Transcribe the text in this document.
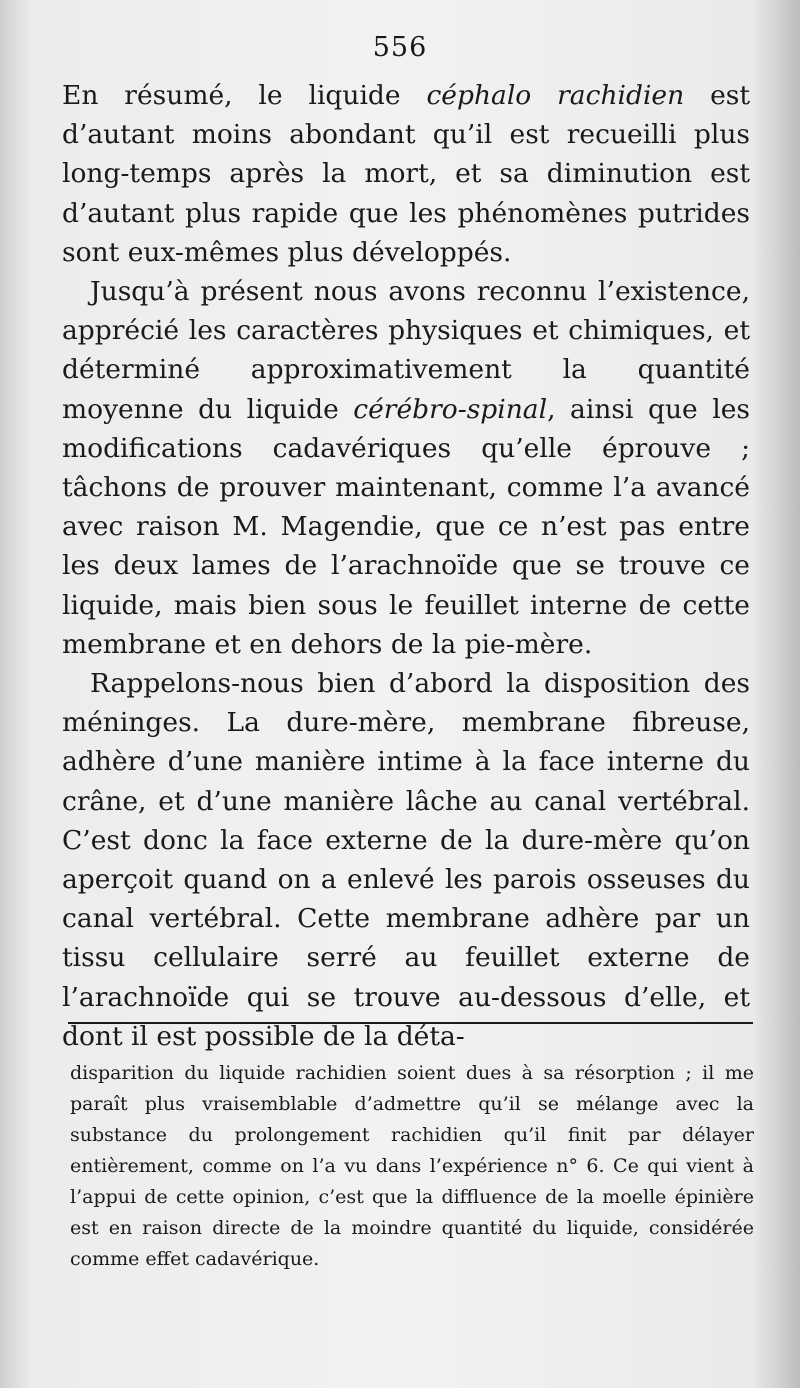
556

En résumé, le liquide céphalo rachidien est d’autant moins abondant qu’il est recueilli plus long-temps après la mort, et sa diminution est d’autant plus rapide que les phénomènes putrides sont eux-mêmes plus développés.

Jusqu’à présent nous avons reconnu l’existence, apprécié les caractères physiques et chimiques, et déterminé approximativement la quantité moyenne du liquide cérébro-spinal, ainsi que les modifications cadavériques qu’elle éprouve ; tâchons de prouver maintenant, comme l’a avancé avec raison M. Magendie, que ce n’est pas entre les deux lames de l’arachnoïde que se trouve ce liquide, mais bien sous le feuillet interne de cette membrane et en dehors de la pie-mère.

Rappelons-nous bien d’abord la disposition des méninges. La dure-mère, membrane fibreuse, adhère d’une manière intime à la face interne du crâne, et d’une manière lâche au canal vertébral. C’est donc la face externe de la dure-mère qu’on aperçoit quand on a enlevé les parois osseuses du canal vertébral. Cette membrane adhère par un tissu cellulaire serré au feuillet externe de l’arachnoïde qui se trouve au-dessous d’elle, et dont il est possible de la déta-

disparition du liquide rachidien soient dues à sa résorption ; il me paraît plus vraisemblable d’admettre qu’il se mélange avec la substance du prolongement rachidien qu’il finit par délayer entièrement, comme on l’a vu dans l’expérience n° 6. Ce qui vient à l’appui de cette opinion, c’est que la diffluence de la moelle épinière est en raison directe de la moindre quantité du liquide, considérée comme effet cadavérique.
